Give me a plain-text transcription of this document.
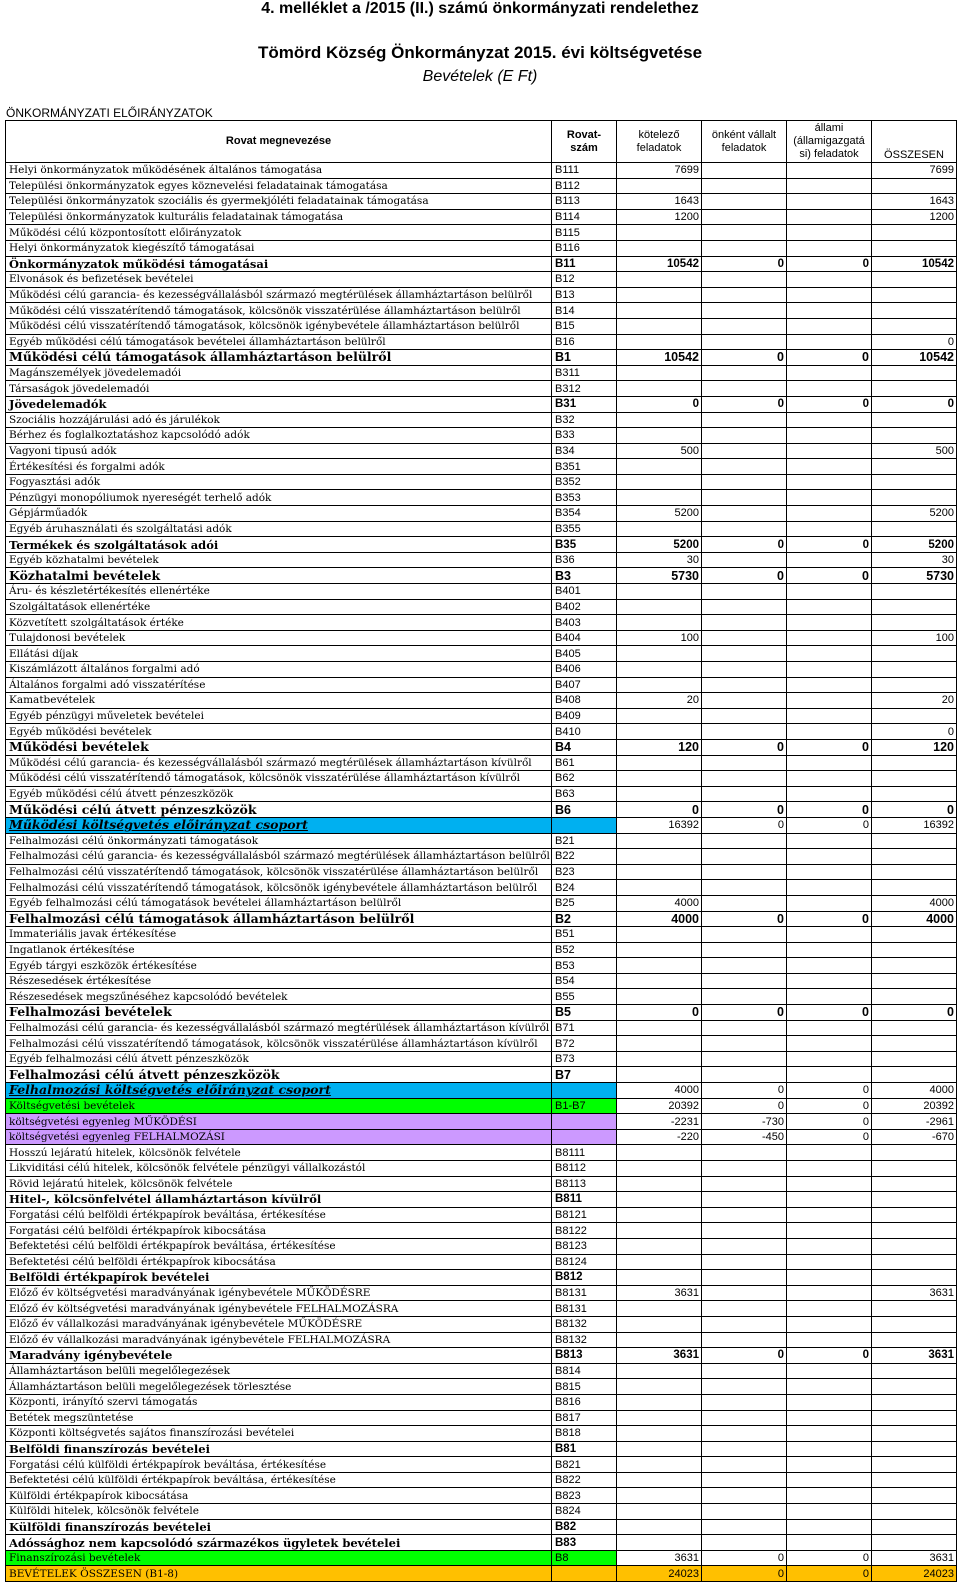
4. melléklet a /2015 (II.) számú önkormányzati rendelethez
Tömörd Község Önkormányzat 2015. évi költségvetése
Bevételek (E Ft)
ÖNKORMÁNYZATI ELŐIRÁNYZATOK
Rovat megnevezése	Rovat-szám	kötelező feladatok	önként vállalt feladatok	állami (államigazgatá si) feladatok	ÖSSZESEN
Helyi önkormányzatok működésének általános támogatása	B111	7699			7699
Települési önkormányzatok egyes köznevelési feladatainak támogatása	B112				
Települési önkormányzatok szociális és gyermekjóléti feladatainak támogatása	B113	1643			1643
Települési önkormányzatok kulturális feladatainak támogatása	B114	1200			1200
Működési célú központosított előirányzatok	B115				
Helyi önkormányzatok kiegészítő támogatásai	B116				
Önkormányzatok működési támogatásai	B11	10542	0	0	10542
Elvonások és befizetések bevételei	B12				
Működési célú garancia- és kezességvállalásból származó megtérülések államháztartáson belülről	B13				
Működési célú visszatérítendő támogatások, kölcsönök visszatérülése államháztartáson belülről	B14				
Működési célú visszatérítendő támogatások, kölcsönök igénybevétele államháztartáson belülről	B15				
Egyéb működési célú támogatások bevételei államháztartáson belülről	B16				0
Működési célú támogatások államháztartáson belülről	B1	10542	0	0	10542
Magánszemélyek jövedelemadói	B311				
Társaságok jövedelemadói	B312				
Jövedelemadók	B31	0	0	0	0
Szociális hozzájárulási adó és járulékok	B32				
Bérhez és foglalkoztatáshoz kapcsolódó adók	B33				
Vagyoni tipusú adók	B34	500			500
Értékesítési és forgalmi adók	B351				
Fogyasztási adók	B352				
Pénzügyi monopóliumok nyereségét terhelő adók	B353				
Gépjárműadók	B354	5200			5200
Egyéb áruhasználati és szolgáltatási adók	B355				
Termékek és szolgáltatások adói	B35	5200	0	0	5200
Egyéb közhatalmi bevételek	B36	30			30
Közhatalmi bevételek	B3	5730	0	0	5730
Áru- és készletértékesítés ellenértéke	B401				
Szolgáltatások ellenértéke	B402				
Közvetített szolgáltatások értéke	B403				
Tulajdonosi bevételek	B404	100			100
Ellátási díjak	B405				
Kiszámlázott általános forgalmi adó	B406				
Általános forgalmi adó visszatérítése	B407				
Kamatbevételek	B408	20			20
Egyéb pénzügyi műveletek bevételei	B409				
Egyéb működési bevételek	B410				0
Működési bevételek	B4	120	0	0	120
Működési célú garancia- és kezességvállalásból származó megtérülések államháztartáson kívülről	B61				
Működési célú visszatérítendő támogatások, kölcsönök visszatérülése államháztartáson kívülről	B62				
Egyéb működési célú átvett pénzeszközök	B63				
Működési célú átvett pénzeszközök	B6	0	0	0	0
Működési költségvetés előirányzat csoport		16392	0	0	16392
Felhalmozási célú önkormányzati támogatások	B21				
Felhalmozási célú garancia- és kezességvállalásból származó megtérülések államháztartáson belülről	B22				
Felhalmozási célú visszatérítendő támogatások, kölcsönök visszatérülése államháztartáson belülről	B23				
Felhalmozási célú visszatérítendő támogatások, kölcsönök igénybevétele államháztartáson belülről	B24				
Egyéb felhalmozási célú támogatások bevételei államháztartáson belülről	B25	4000			4000
Felhalmozási célú támogatások államháztartáson belülről	B2	4000	0	0	4000
Immateriális javak értékesítése	B51				
Ingatlanok értékesítése	B52				
Egyéb tárgyi eszközök értékesítése	B53				
Részesedések értékesítése	B54				
Részesedések megszűnéséhez kapcsolódó bevételek	B55				
Felhalmozási bevételek	B5	0	0	0	0
Felhalmozási célú garancia- és kezességvállalásból származó megtérülések államháztartáson kívülről	B71				
Felhalmozási célú visszatérítendő támogatások, kölcsönök visszatérülése államháztartáson kívülről	B72				
Egyéb felhalmozási célú átvett pénzeszközök	B73				
Felhalmozási célú átvett pénzeszközök	B7				
Felhalmozási költségvetés előirányzat csoport		4000	0	0	4000
Költségvetési bevételek	B1-B7	20392	0	0	20392
költségvetési egyenleg MŰKÖDÉSI		-2231	-730	0	-2961
költségvetési egyenleg FELHALMOZÁSI		-220	-450	0	-670
Hosszú lejáratú hitelek, kölcsönök felvétele	B8111				
Likviditási célú hitelek, kölcsönök felvétele pénzügyi vállalkozástól	B8112				
Rövid lejáratú hitelek, kölcsönök felvétele	B8113				
Hitel-, kölcsönfelvétel államháztartáson kívülről	B811				
Forgatási célú belföldi értékpapírok beváltása, értékesítése	B8121				
Forgatási célú belföldi értékpapírok kibocsátása	B8122				
Befektetési célú belföldi értékpapírok beváltása, értékesítése	B8123				
Befektetési célú belföldi értékpapírok kibocsátása	B8124				
Belföldi értékpapírok bevételei	B812				
Előző év költségvetési maradványának igénybevétele MŰKÖDÉSRE	B8131	3631			3631
Előző év költségvetési maradványának igénybevétele FELHALMOZÁSRA	B8131				
Előző év vállalkozási maradványának igénybevétele MŰKÖDÉSRE	B8132				
Előző év vállalkozási maradványának igénybevétele FELHALMOZÁSRA	B8132				
Maradvány igénybevétele	B813	3631	0	0	3631
Államháztartáson belüli megelőlegezések	B814				
Államháztartáson belüli megelőlegezések törlesztése	B815				
Központi, irányító szervi támogatás	B816				
Betétek megszüntetése	B817				
Központi költségvetés sajátos finanszírozási bevételei	B818				
Belföldi finanszírozás bevételei	B81				
Forgatási célú külföldi értékpapírok beváltása, értékesítése	B821				
Befektetési célú külföldi értékpapírok beváltása, értékesítése	B822				
Külföldi értékpapírok kibocsátása	B823				
Külföldi hitelek, kölcsönök felvétele	B824				
Külföldi finanszírozás bevételei	B82				
Adóssághoz nem kapcsolódó származékos ügyletek bevételei	B83				
Finanszírozási bevételek	B8	3631	0	0	3631
BEVÉTELEK ÖSSZESEN (B1-8)		24023	0	0	24023
